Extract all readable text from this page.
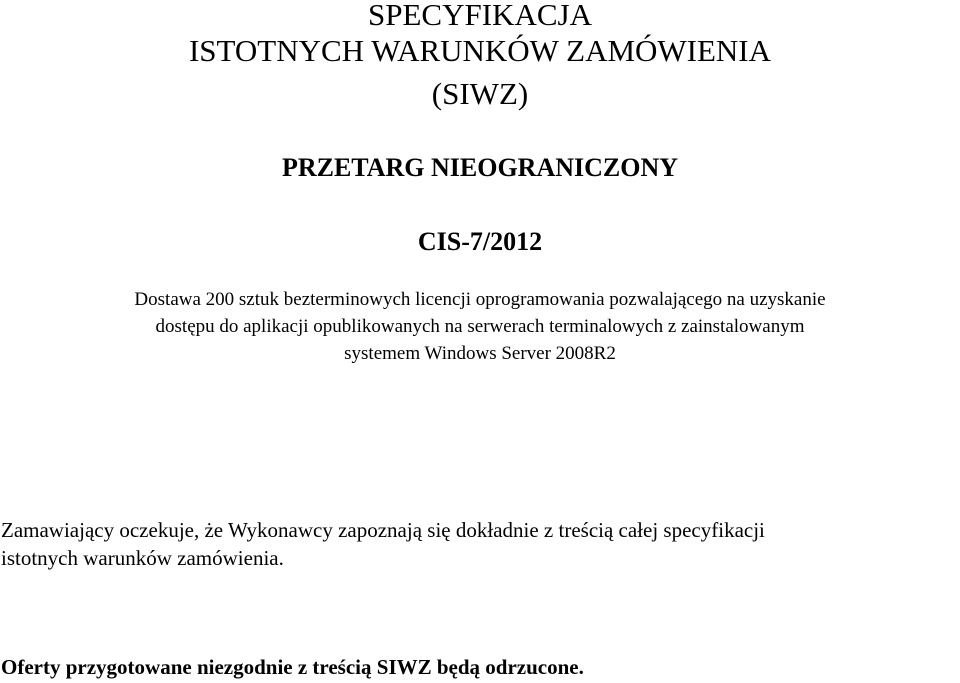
SPECYFIKACJA
ISTOTNYCH WARUNKÓW ZAMÓWIENIA
(SIWZ)
PRZETARG NIEOGRANICZONY
CIS-7/2012
Dostawa 200 sztuk bezterminowych licencji oprogramowania pozwalającego na uzyskanie
dostępu do aplikacji opublikowanych na serwerach terminalowych z zainstalowanym
systemem Windows Server 2008R2
Zamawiający oczekuje, że Wykonawcy zapoznają się dokładnie z treścią całej specyfikacji
istotnych warunków zamówienia.
Oferty przygotowane niezgodnie z treścią SIWZ będą odrzucone.
